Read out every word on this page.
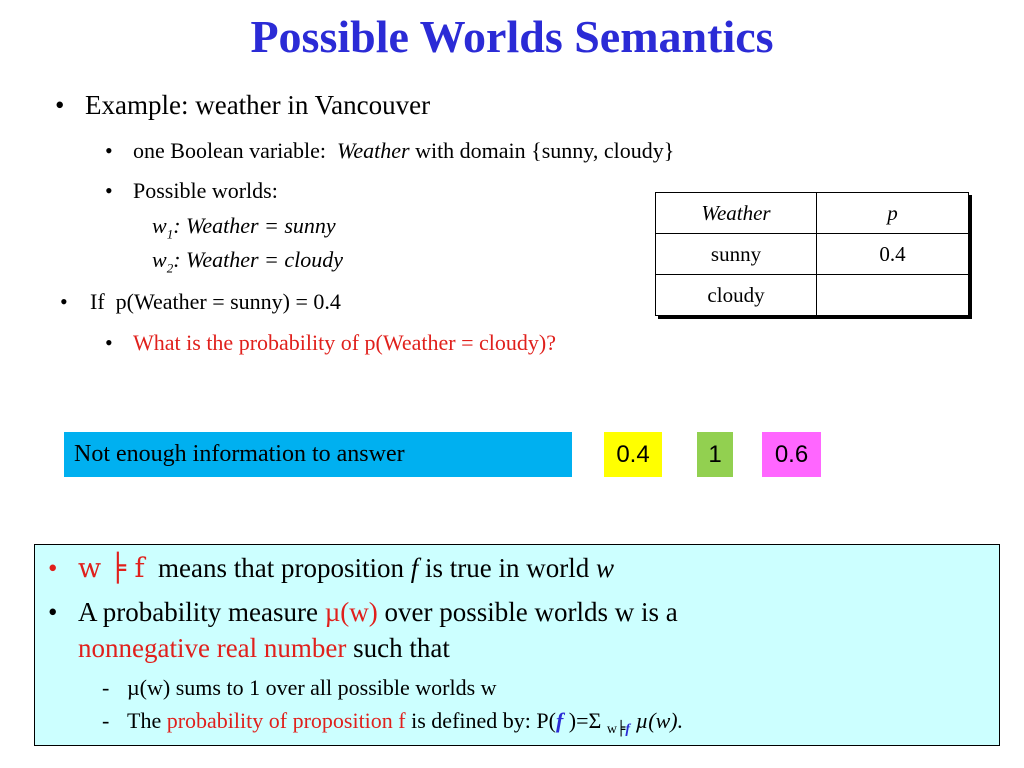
Possible Worlds Semantics
• Example: weather in Vancouver
• one Boolean variable:  Weather with domain {sunny, cloudy}
• Possible worlds:
$w_1$: Weather = sunny
$w_2$: Weather = cloudy
• If  p(Weather = sunny) = 0.4
• What is the probability of p(Weather = cloudy)?
Weather	p
sunny	0.4
cloudy	
Not enough information to answer	0.4	1	0.6
• w ╞ f  means that proposition f is true in world w
• A probability measure µ(w) over possible worlds w is a
nonnegative real number such that
- µ(w) sums to 1 over all possible worlds w
- The probability of proposition f is defined by: P(f )=Σ $_{w╞f}$ µ(w).
